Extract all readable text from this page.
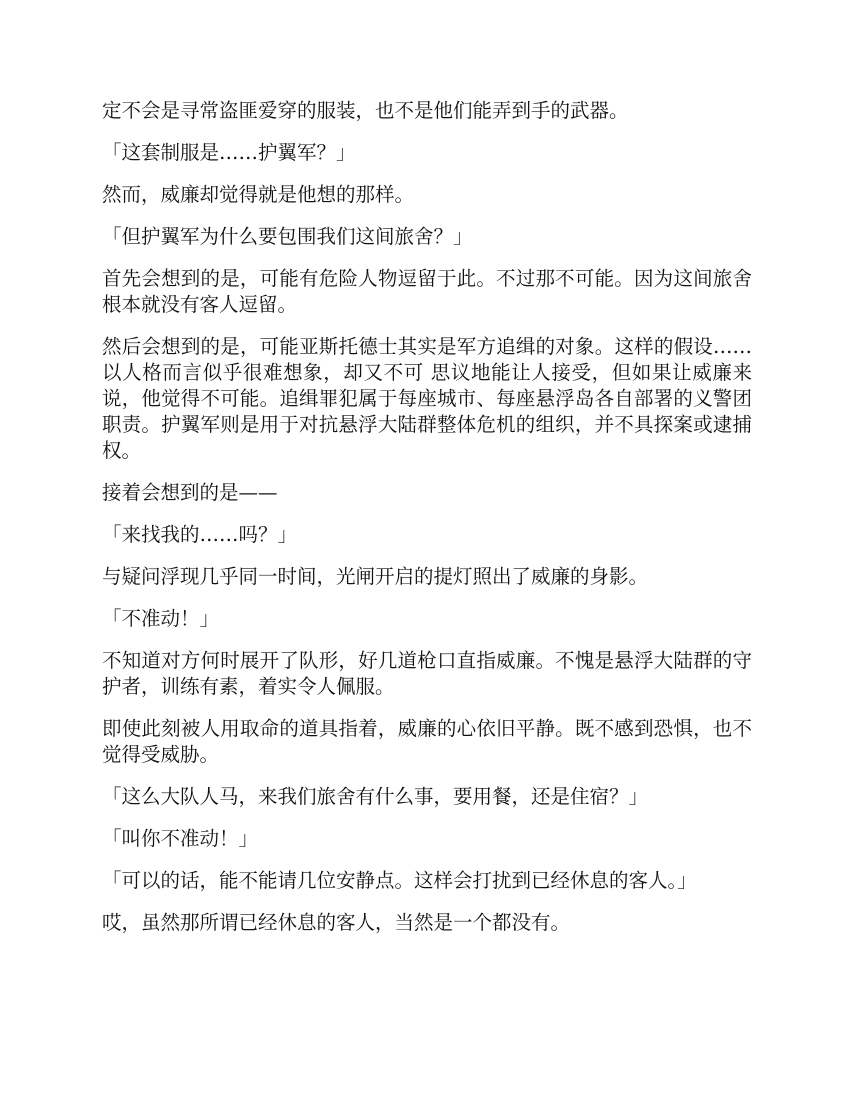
定不会是寻常盗匪爱穿的服装，也不是他们能弄到手的武器。

「这套制服是……护翼军？」

然而，威廉却觉得就是他想的那样。

「但护翼军为什么要包围我们这间旅舍？」

首先会想到的是，可能有危险人物逗留于此。不过那不可能。因为这间旅舍根本就没有客人逗留。

然后会想到的是，可能亚斯托德士其实是军方追缉的对象。这样的假设……以人格而言似乎很难想象，却又不可 思议地能让人接受，但如果让威廉来说，他觉得不可能。追缉罪犯属于每座城市、每座悬浮岛各自部署的义警团职责。护翼军则是用于对抗悬浮大陆群整体危机的组织，并不具探案或逮捕权。

接着会想到的是——

「来找我的……吗？」

与疑问浮现几乎同一时间，光闸开启的提灯照出了威廉的身影。

「不准动！」

不知道对方何时展开了队形，好几道枪口直指威廉。不愧是悬浮大陆群的守护者，训练有素，着实令人佩服。

即使此刻被人用取命的道具指着，威廉的心依旧平静。既不感到恐惧，也不觉得受威胁。

「这么大队人马，来我们旅舍有什么事，要用餐，还是住宿？」

「叫你不准动！」

「可以的话，能不能请几位安静点。这样会打扰到已经休息的客人。」

哎，虽然那所谓已经休息的客人，当然是一个都没有。
